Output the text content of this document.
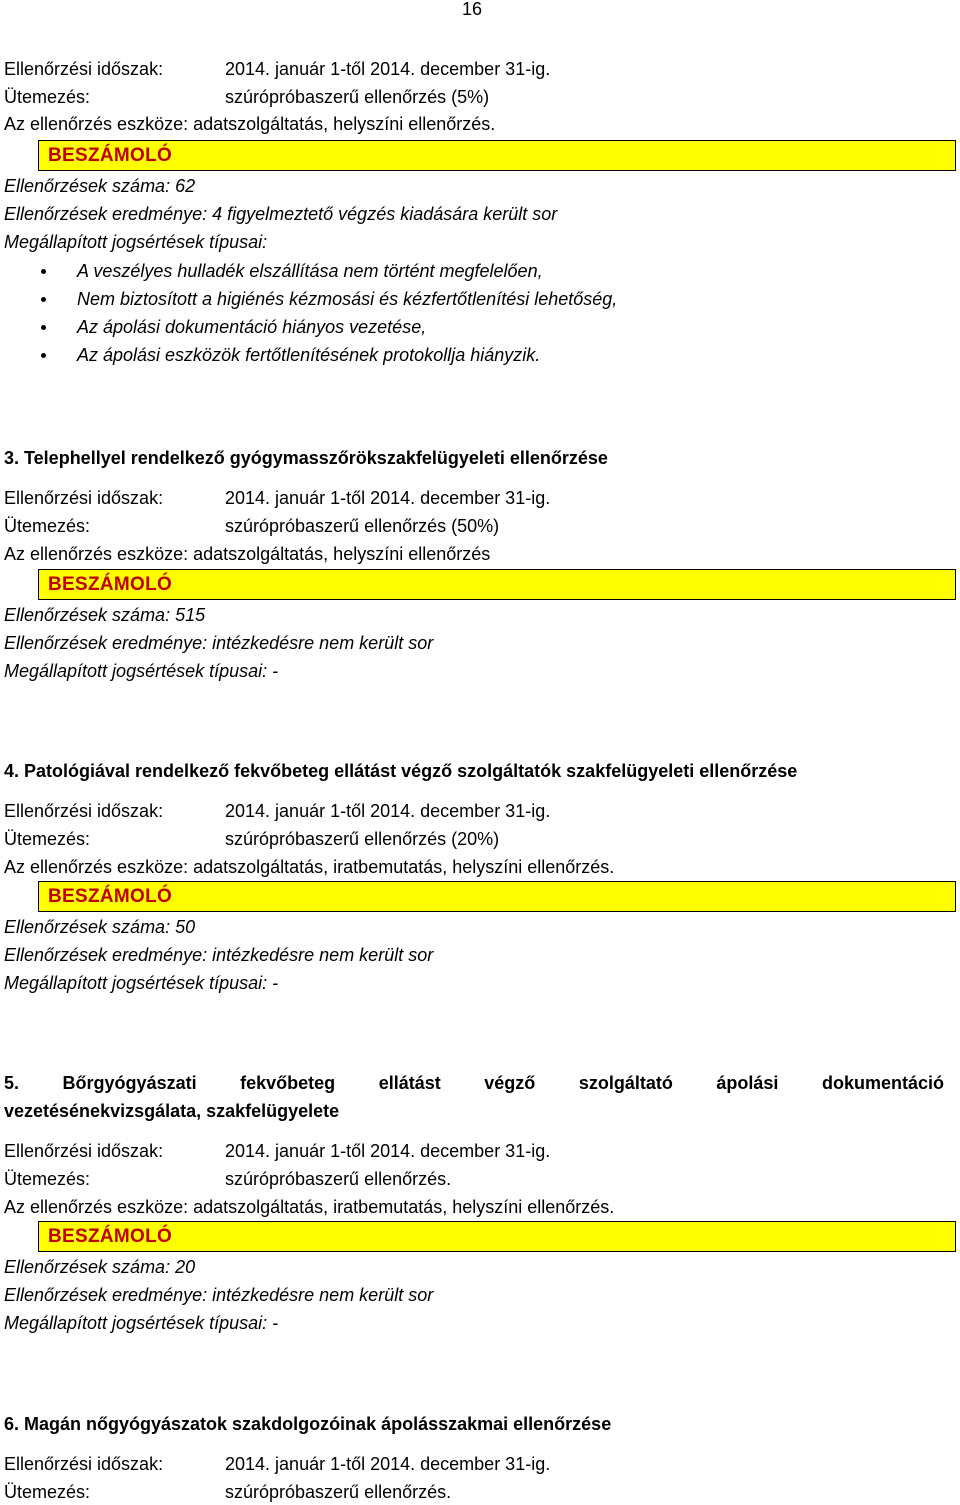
16
Ellenőrzési időszak:	2014. január 1-től 2014. december 31-ig.
Ütemezés:	szúrópróbaszerű ellenőrzés (5%)
Az ellenőrzés eszköze: adatszolgáltatás, helyszíni ellenőrzés.
BESZÁMOLÓ
Ellenőrzések száma: 62
Ellenőrzések eredménye: 4 figyelmeztető végzés kiadására került sor
Megállapított jogsértések típusai:
A veszélyes hulladék elszállítása nem történt megfelelően,
Nem biztosított a higiénés kézmosási és kézfertőtlenítési lehetőség,
Az ápolási dokumentáció hiányos vezetése,
Az ápolási eszközök fertőtlenítésének protokollja hiányzik.
3. Telephellyel rendelkező gyógymasszőrökszakfelügyeleti ellenőrzése
Ellenőrzési időszak:	2014. január 1-től 2014. december 31-ig.
Ütemezés:	szúrópróbaszerű ellenőrzés (50%)
Az ellenőrzés eszköze: adatszolgáltatás, helyszíni ellenőrzés
BESZÁMOLÓ
Ellenőrzések száma: 515
Ellenőrzések eredménye: intézkedésre nem került sor
Megállapított jogsértések típusai: -
4. Patológiával rendelkező fekvőbeteg ellátást végző szolgáltatók szakfelügyeleti ellenőrzése
Ellenőrzési időszak:	2014. január 1-től 2014. december 31-ig.
Ütemezés:	szúrópróbaszerű ellenőrzés (20%)
Az ellenőrzés eszköze: adatszolgáltatás, iratbemutatás, helyszíni ellenőrzés.
BESZÁMOLÓ
Ellenőrzések száma: 50
Ellenőrzések eredménye: intézkedésre nem került sor
Megállapított jogsértések típusai: -
5. Bőrgyógyászati fekvőbeteg ellátást végző szolgáltató ápolási dokumentáció
vezetésénekvizsgálata, szakfelügyelete
Ellenőrzési időszak:	2014. január 1-től 2014. december 31-ig.
Ütemezés:	szúrópróbaszerű ellenőrzés.
Az ellenőrzés eszköze: adatszolgáltatás, iratbemutatás, helyszíni ellenőrzés.
BESZÁMOLÓ
Ellenőrzések száma: 20
Ellenőrzések eredménye: intézkedésre nem került sor
Megállapított jogsértések típusai: -
6. Magán nőgyógyászatok szakdolgozóinak ápolásszakmai ellenőrzése
Ellenőrzési időszak:	2014. január 1-től 2014. december 31-ig.
Ütemezés:	szúrópróbaszerű ellenőrzés.
